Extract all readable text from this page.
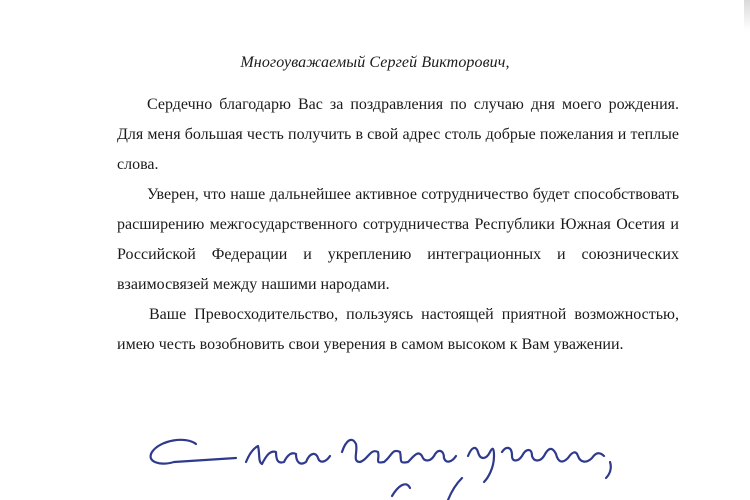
Многоуважаемый Сергей Викторович,

Сердечно благодарю Вас за поздравления по случаю дня моего рождения. Для меня большая честь получить в свой адрес столь добрые пожелания и теплые слова.

Уверен, что наше дальнейшее активное сотрудничество будет способствовать расширению межгосударственного сотрудничества Республики Южная Осетия и Российской Федерации и укреплению интеграционных и союзнических взаимосвязей между нашими народами.

Ваше Превосходительство, пользуясь настоящей приятной возможностью, имею честь возобновить свои уверения в самом высоком к Вам уважении.
